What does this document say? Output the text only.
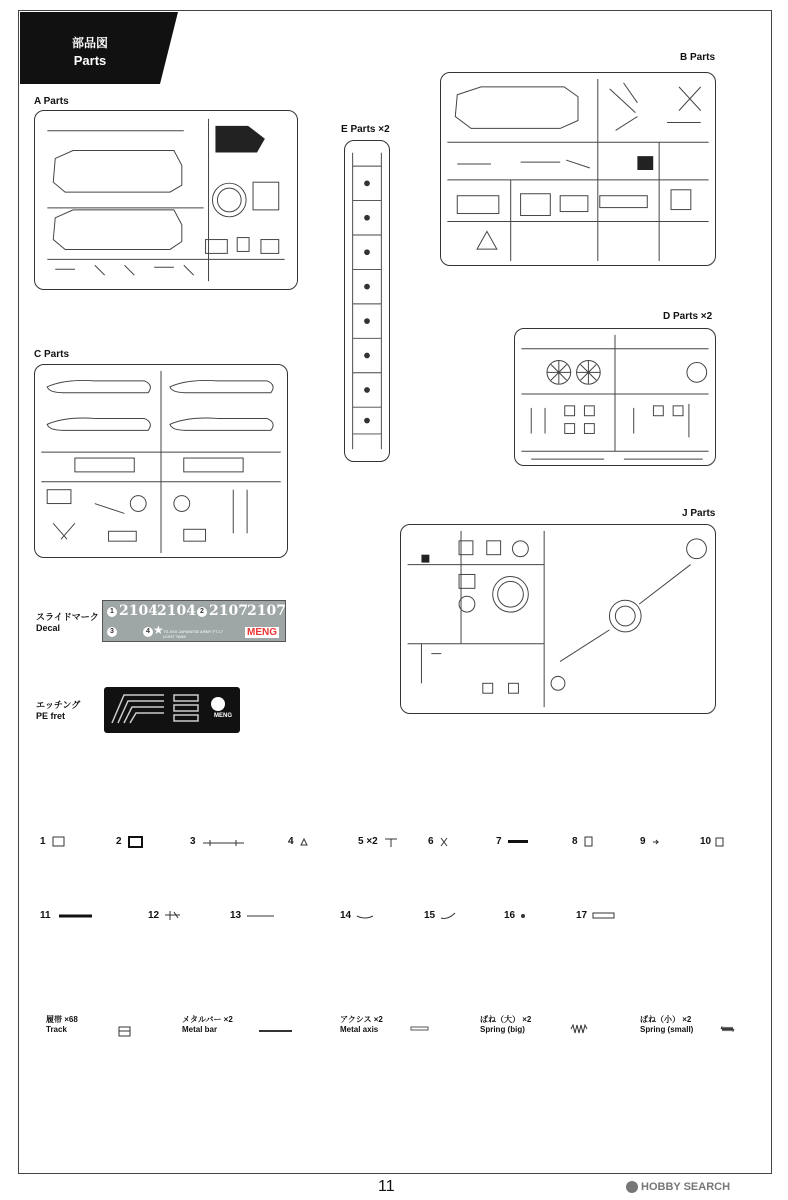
部品図
Parts
A Parts
B Parts
E Parts ×2
C Parts
D Parts ×2
J Parts
スライドマーク
Decal
1 2104 2104 2 2107 2107
3	4 ★ TS-XXX JAPANESE ARMY FT-17 LIGHT TANK	MENG
エッチング
PE fret	MENG
1	2	3	4	5 ×2	6	7	8	9	10
11	12	13	14	15	16	17
履帯 ×68
Track
メタルバー ×2
Metal bar
アクシス ×2
Metal axis
ばね（大） ×2
Spring (big)
ばね（小） ×2
Spring (small)
11	HOBBY SEARCH
